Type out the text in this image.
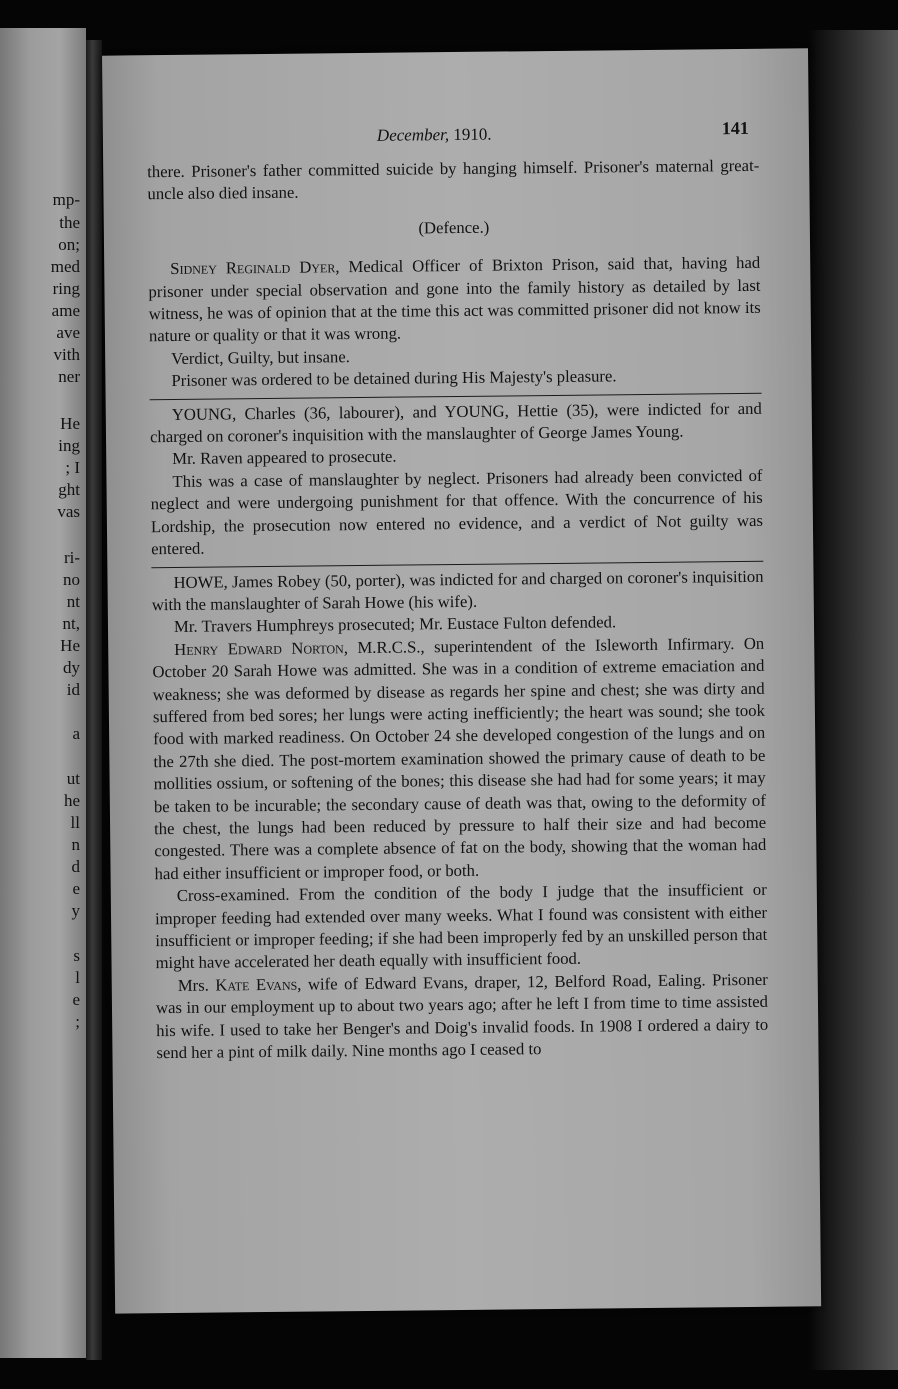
mp-
the
on;
med
ring
ame
ave
vith
ner
He
ing
; I
ght
vas
ri-
no
nt
nt,
He
dy
id
a
ut
he
ll
n
d
e
y
s
l
e
;
December, 1910.	141

there. Prisoner's father committed suicide by hanging himself. Prisoner's maternal great-uncle also died insane.

(Defence.)

Sidney Reginald Dyer, Medical Officer of Brixton Prison, said that, having had prisoner under special observation and gone into the family history as detailed by last witness, he was of opinion that at the time this act was committed prisoner did not know its nature or quality or that it was wrong.

Verdict, Guilty, but insane.

Prisoner was ordered to be detained during His Majesty's pleasure.

YOUNG, Charles (36, labourer), and YOUNG, Hettie (35), were indicted for and charged on coroner's inquisition with the manslaughter of George James Young.

Mr. Raven appeared to prosecute.

This was a case of manslaughter by neglect. Prisoners had already been convicted of neglect and were undergoing punishment for that offence. With the concurrence of his Lordship, the prosecution now entered no evidence, and a verdict of Not guilty was entered.

HOWE, James Robey (50, porter), was indicted for and charged on coroner's inquisition with the manslaughter of Sarah Howe (his wife).

Mr. Travers Humphreys prosecuted; Mr. Eustace Fulton defended.

Henry Edward Norton, M.R.C.S., superintendent of the Isleworth Infirmary. On October 20 Sarah Howe was admitted. She was in a condition of extreme emaciation and weakness; she was deformed by disease as regards her spine and chest; she was dirty and suffered from bed sores; her lungs were acting inefficiently; the heart was sound; she took food with marked readiness. On October 24 she developed congestion of the lungs and on the 27th she died. The post-mortem examination showed the primary cause of death to be mollities ossium, or softening of the bones; this disease she had had for some years; it may be taken to be incurable; the secondary cause of death was that, owing to the deformity of the chest, the lungs had been reduced by pressure to half their size and had become congested. There was a complete absence of fat on the body, showing that the woman had had either insufficient or improper food, or both.

Cross-examined. From the condition of the body I judge that the insufficient or improper feeding had extended over many weeks. What I found was consistent with either insufficient or improper feeding; if she had been improperly fed by an unskilled person that might have accelerated her death equally with insufficient food.

Mrs. Kate Evans, wife of Edward Evans, draper, 12, Belford Road, Ealing. Prisoner was in our employment up to about two years ago; after he left I from time to time assisted his wife. I used to take her Benger's and Doig's invalid foods. In 1908 I ordered a dairy to send her a pint of milk daily. Nine months ago I ceased to
